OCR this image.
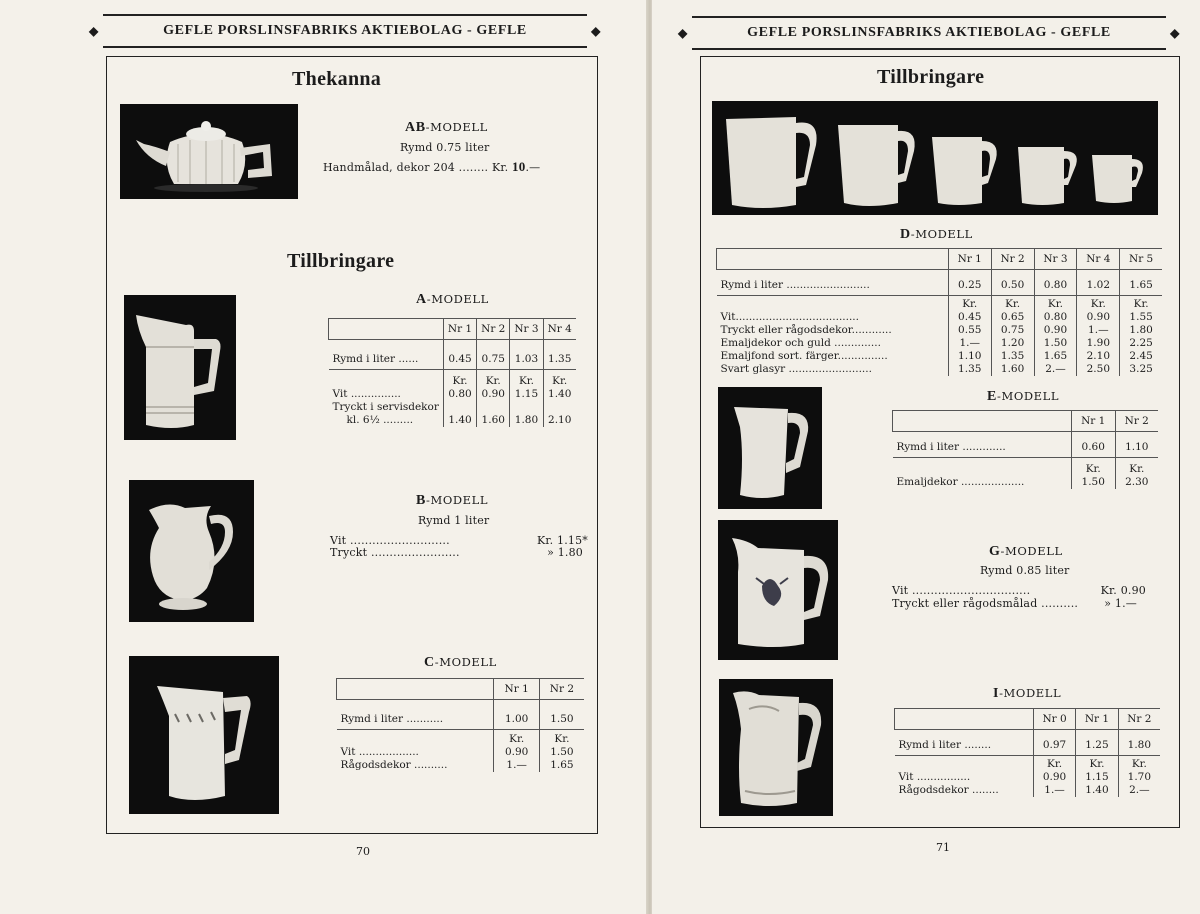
◆	GEFLE PORSLINSFABRIKS AKTIEBOLAG - GEFLE	◆
Thekanna
AB-MODELL
Rymd 0.75 liter
Handmålad, dekor 204 ........ Kr. 10.—
Tillbringare
A-MODELL
	Nr 1	Nr 2	Nr 3	Nr 4
Rymd i liter ......	0.45	0.75	1.03	1.35
	Kr.	Kr.	Kr.	Kr.
Vit ...............	0.80	0.90	1.15	1.40
Tryckt i servisdekor				
kl. 6½ .........	1.40	1.60	1.80	2.10
B-MODELL
Rymd 1 liter
Vit ...........................	Kr. 1.15*
Tryckt ........................	» 1.80
C-MODELL
	Nr 1	Nr 2
Rymd i liter ...........	1.00	1.50
	Kr.	Kr.
Vit ..................	0.90	1.50
Rågodsdekor ..........	1.—	1.65
70
◆	GEFLE PORSLINSFABRIKS AKTIEBOLAG - GEFLE	◆
Tillbringare
D-MODELL
	Nr 1	Nr 2	Nr 3	Nr 4	Nr 5
Rymd i liter .........................	0.25	0.50	0.80	1.02	1.65
	Kr.	Kr.	Kr.	Kr.	Kr.
Vit.....................................	0.45	0.65	0.80	0.90	1.55
Tryckt eller rågodsdekor............	0.55	0.75	0.90	1.—	1.80
Emaljdekor och guld ..............	1.—	1.20	1.50	1.90	2.25
Emaljfond sort. färger...............	1.10	1.35	1.65	2.10	2.45
Svart glasyr .........................	1.35	1.60	2.—	2.50	3.25
E-MODELL
	Nr 1	Nr 2
Rymd i liter .............	0.60	1.10
	Kr.	Kr.
Emaljdekor ...................	1.50	2.30
G-MODELL
Rymd 0.85 liter
Vit ................................	Kr. 0.90
Tryckt eller rågodsmålad .......... » 1.—
I-MODELL
	Nr 0	Nr 1	Nr 2
Rymd i liter ........	0.97	1.25	1.80
	Kr.	Kr.	Kr.
Vit ................	0.90	1.15	1.70
Rågodsdekor ........	1.—	1.40	2.—
71
